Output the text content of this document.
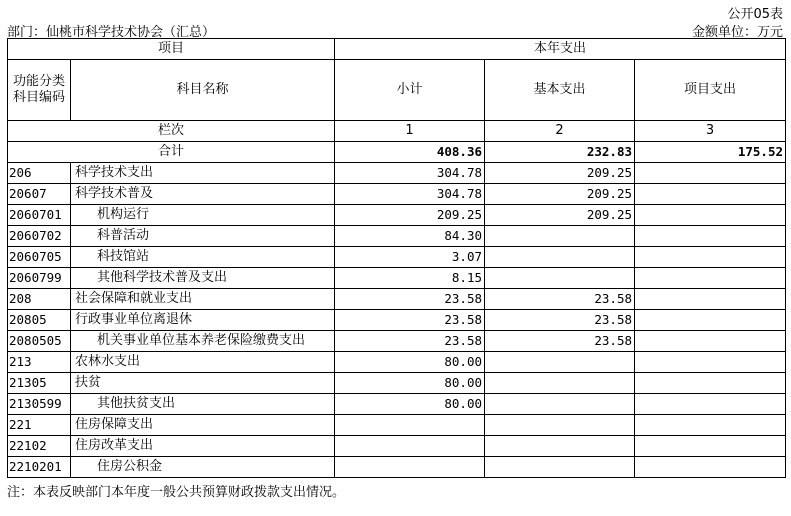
公开05表
部门：仙桃市科学技术协会（汇总）	金额单位：万元
项目		本年支出		
功能分类
科目编码	科目名称	小计	基本支出	项目支出
栏次		1	2	3
合计		408.36	232.83	175.52
206	科学技术支出	304.78	209.25	
20607	科学技术普及	304.78	209.25	
2060701	机构运行	209.25	209.25	
2060702	科普活动	84.30		
2060705	科技馆站	3.07		
2060799	其他科学技术普及支出	8.15		
208	社会保障和就业支出	23.58	23.58	
20805	行政事业单位离退休	23.58	23.58	
2080505	机关事业单位基本养老保险缴费支出	23.58	23.58	
213	农林水支出	80.00		
21305	扶贫	80.00		
2130599	其他扶贫支出	80.00		
221	住房保障支出			
22102	住房改革支出			
2210201	住房公积金			
注：本表反映部门本年度一般公共预算财政拨款支出情况。
